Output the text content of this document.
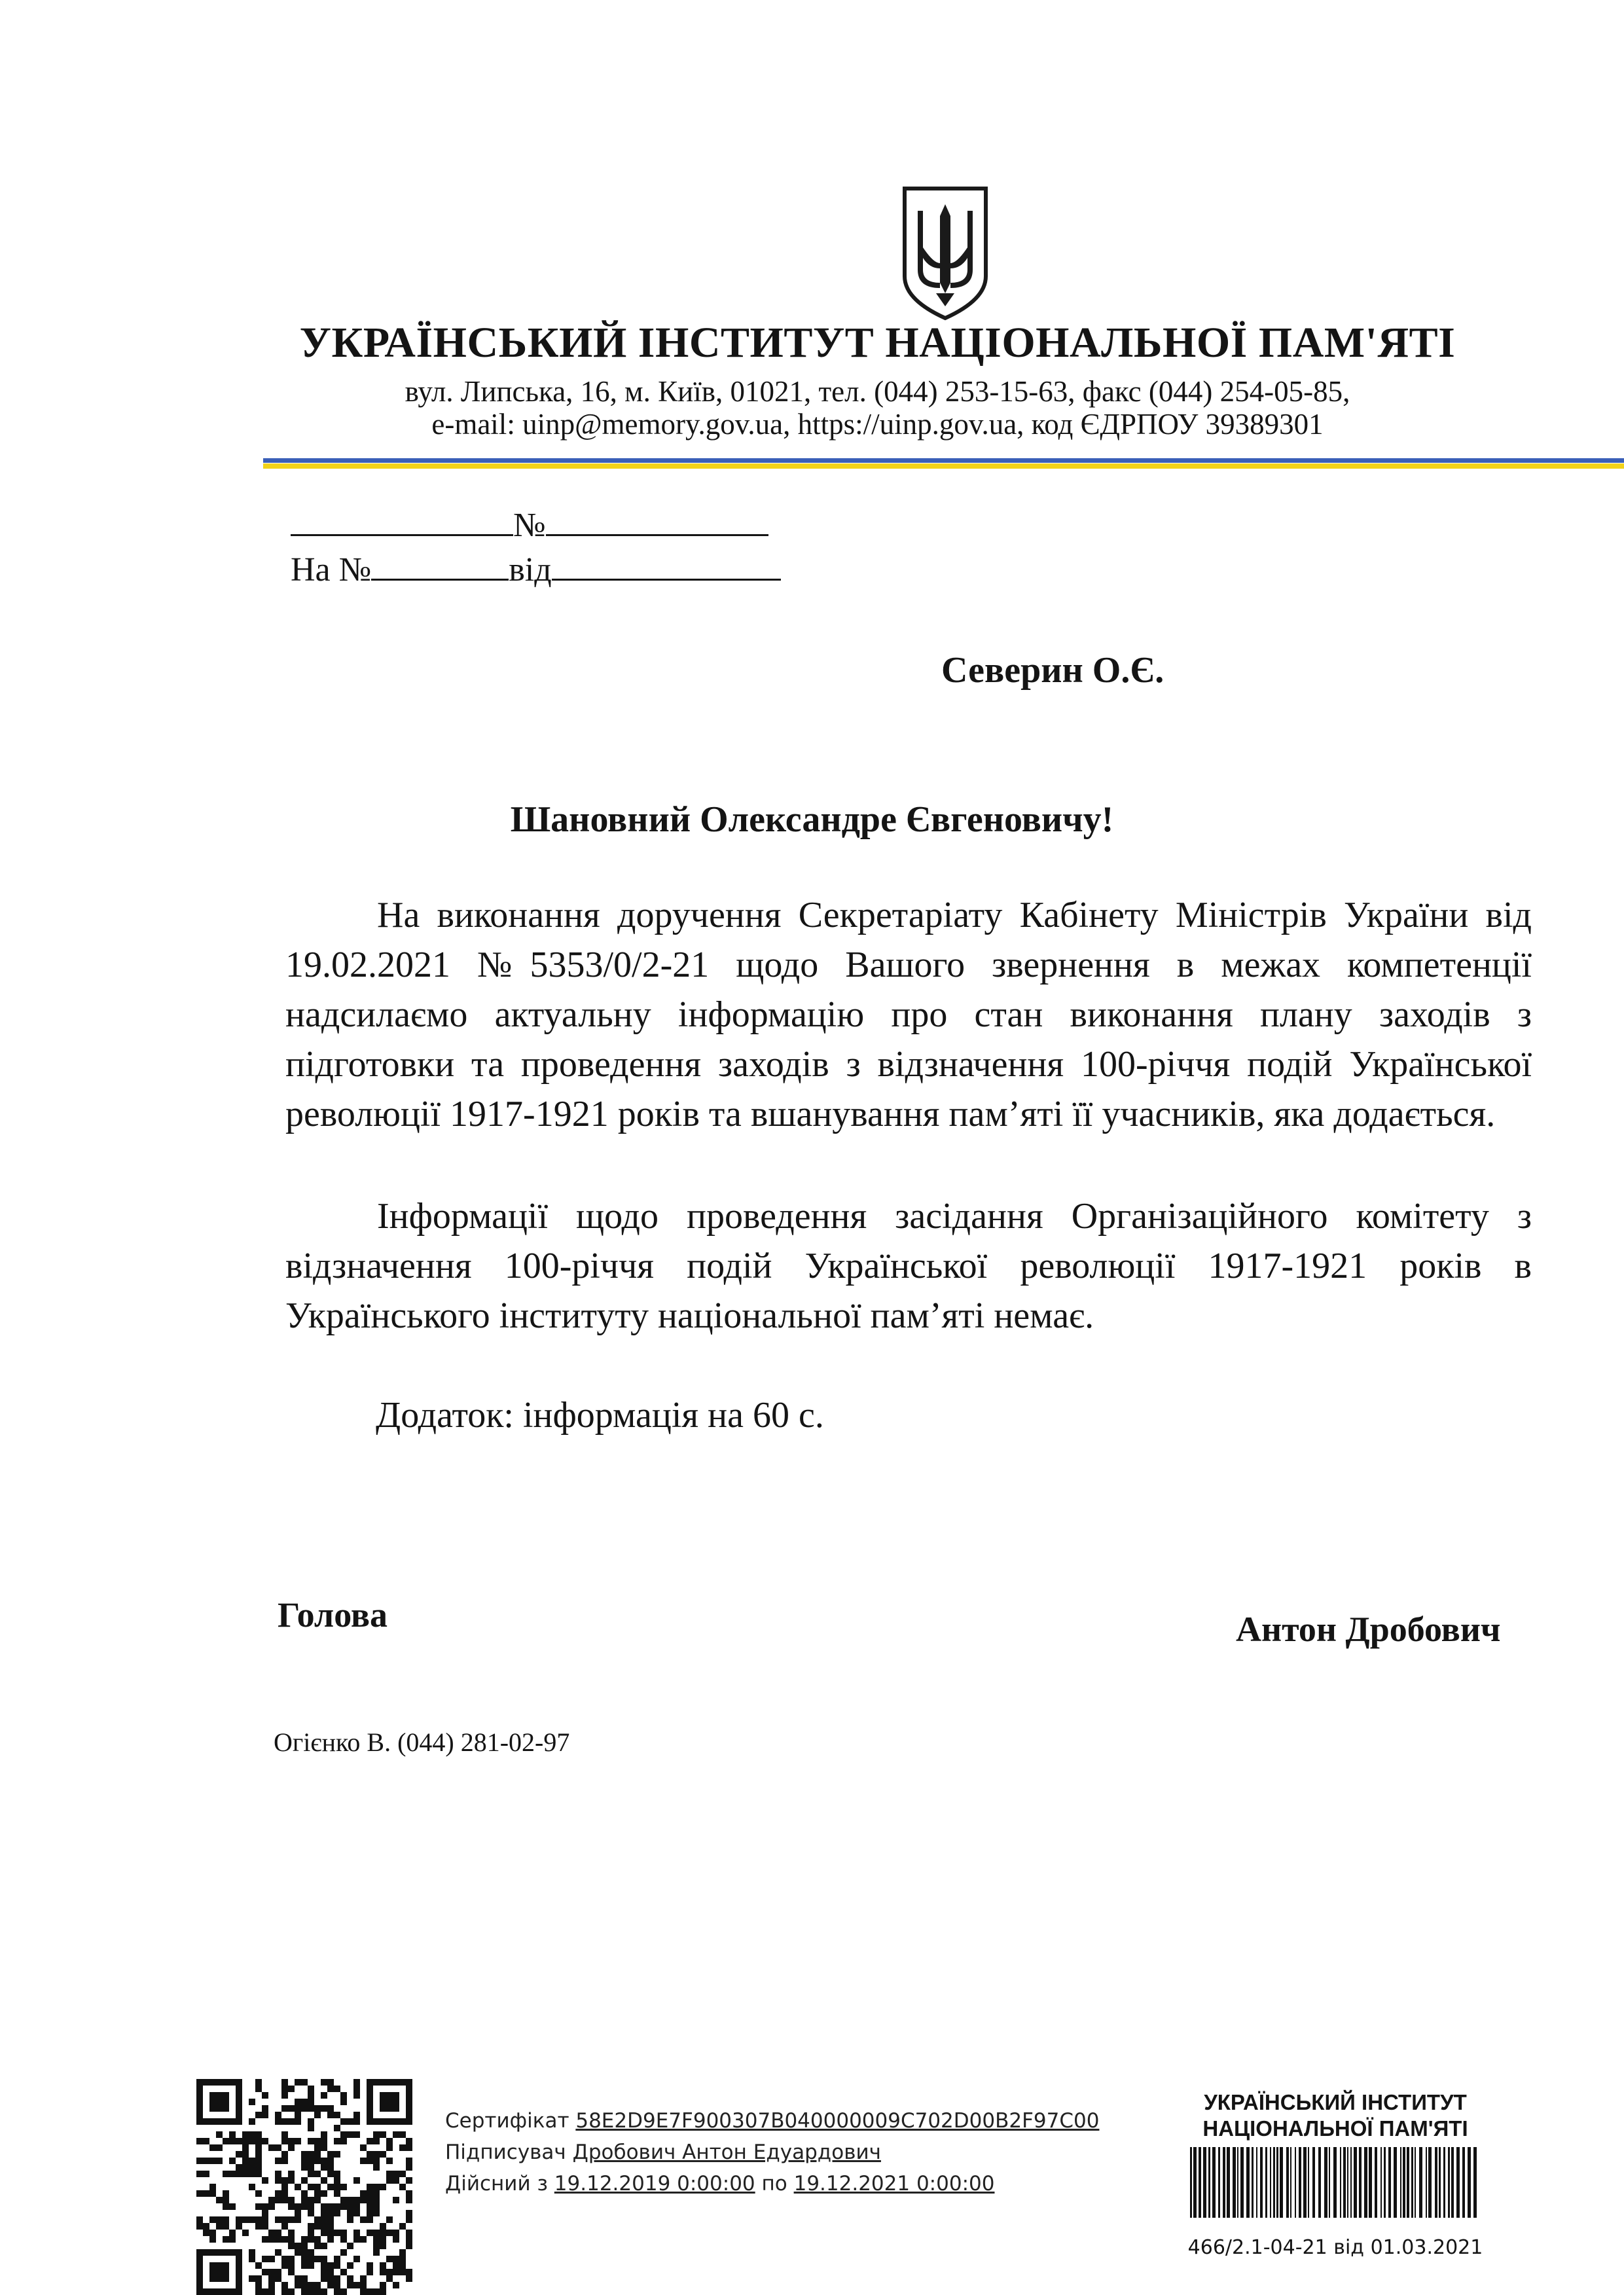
УКРАЇНСЬКИЙ ІНСТИТУТ НАЦІОНАЛЬНОЇ ПАМ'ЯТІ
вул. Липська, 16, м. Київ, 01021, тел. (044) 253-15-63, факс (044) 254-05-85,
e-mail: uinp@memory.gov.ua, https://uinp.gov.ua, код ЄДРПОУ 39389301
№
На №	від
Северин О.Є.
Шановний Олександре Євгеновичу!
На виконання доручення Секретаріату Кабінету Міністрів України від 19.02.2021 №5353/0/2-21 щодо Вашого звернення в межах компетенції надсилаємо актуальну інформацію про стан виконання плану заходів з підготовки та проведення заходів з відзначення 100-річчя подій Української революції 1917-1921 років та вшанування пам’яті її учасників, яка додається.
Інформації щодо проведення засідання Організаційного комітету з відзначення 100-річчя подій Української революції 1917-1921 років в Українського інституту національної пам’яті немає.
Додаток: інформація на 60 с.
Голова	Антон Дробович
Огієнко В. (044) 281-02-97
Сертифікат 58E2D9E7F900307B040000009C702D00B2F97C00
Підписувач Дробович Антон Едуардович
Дійсний з 19.12.2019 0:00:00 по 19.12.2021 0:00:00
УКРАЇНСЬКИЙ ІНСТИТУТ
НАЦІОНАЛЬНОЇ ПАМ'ЯТІ
466/2.1-04-21 від 01.03.2021
